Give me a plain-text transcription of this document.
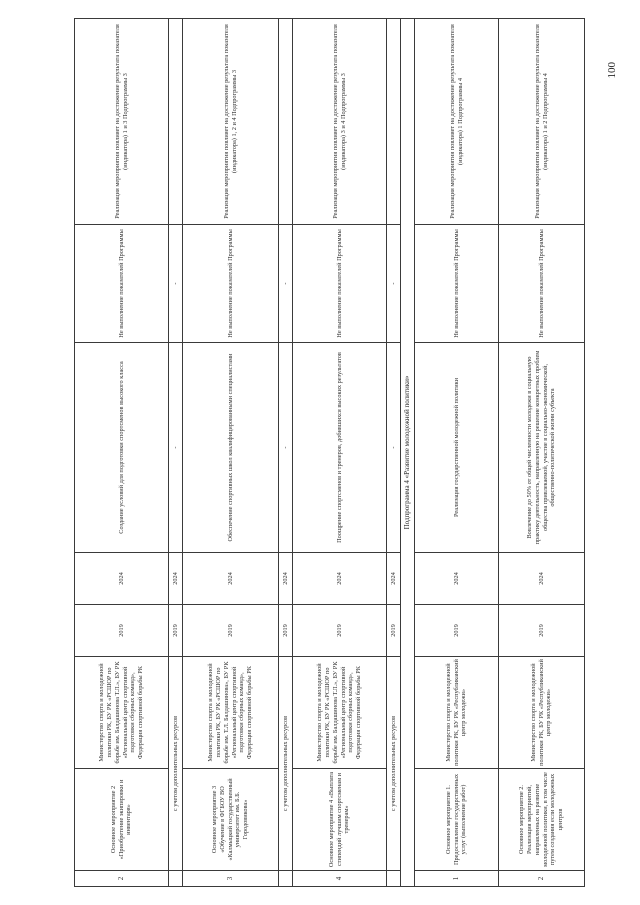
2	Основное мероприятие 2 «Приобретение экипировки и инвентаря»	Министерство спорта и молодежной политики РК, БУ РК «РСШОР по борьбе им. Балдашинова Т.Л.», БУ РК «Региональный центр спортивной подготовки сборных команд», Федерация спортивной борьбы РК	2019	2024	Создание условий для подготовки спортсменов высокого класса	Не выполнение показателей Программы	Реализация мероприятия повлияет на достижение результата показателя (индикатора) 1 и 3 Подпрограммы 3
	с учетом дополнительных ресурсов		2019	2024	-	-	
3	Основное мероприятие 3 «Обучение в ФГБОУ ВО «Калмыцкий государственный университет им. Б.Б. Городовикова»	Министерство спорта и молодежной политики РК, БУ РК «РСШОР по борьбе им. Т.Л. Балдашинова», БУ РК «Региональный центр спортивной подготовки сборных команд», Федерация спортивной борьбы РК	2019	2024	Обеспечение спортивных школ квалифицированными специалистами	Не выполнение показателей Программы	Реализация мероприятия повлияет на достижение результата показателя (индикатора) 1, 2 и 4 Подпрограммы 3
	с учетом дополнительных ресурсов		2019	2024	-	-	
4	Основное мероприятие 4 «Выплата стипендий лучшим спортсменам и тренерам»	Министерство спорта и молодежной политики РК, БУ РК «РСШОР по борьбе им. Балдашинова Т.Л.», БУ РК «Региональный центр спортивной подготовки сборных команд», Федерация спортивной борьбы РК	2019	2024	Поощрение спортсменов и тренеров, добившихся высоких результатов	Не выполнение показателей Программы	Реализация мероприятия повлияет на достижение результата показателя (индикатора) 3 и 4 Подпрограммы 3
	с учетом дополнительных ресурсов		2019	2024	-	-	
Подпрограмма 4 «Развитие молодежной политики»							
1	Основное мероприятие 1. Предоставление государственных услуг (выполнение работ)	Министерство спорта и молодежной политики РК, БУ РК «Республиканский центр молодежи»	2019	2024	Реализация государственной молодежной политики	Не выполнение показателей Программы	Реализация мероприятия повлияет на достижение результата показателя (индикатора) 1 Подпрограммы 4
2	Основное мероприятие 2. Реализация мероприятий, направленных на развитие молодежной политики, в том числе путем создания если молодежных центров	Министерство спорта и молодежной политики РК, БУ РК «Республиканский центр молодежи»	2019	2024	Вовлечение до 50% от общей численности молодежи в социальную практику деятельность, направленную на решение конкретных проблем общества привлекаемой, участие в социально-экономической, общественно-политической жизни субъекта	Не выполнение показателей Программы	Реализация мероприятия повлияет на достижение результата показателя (индикатора) 1 и 2 Подпрограммы 4
100
